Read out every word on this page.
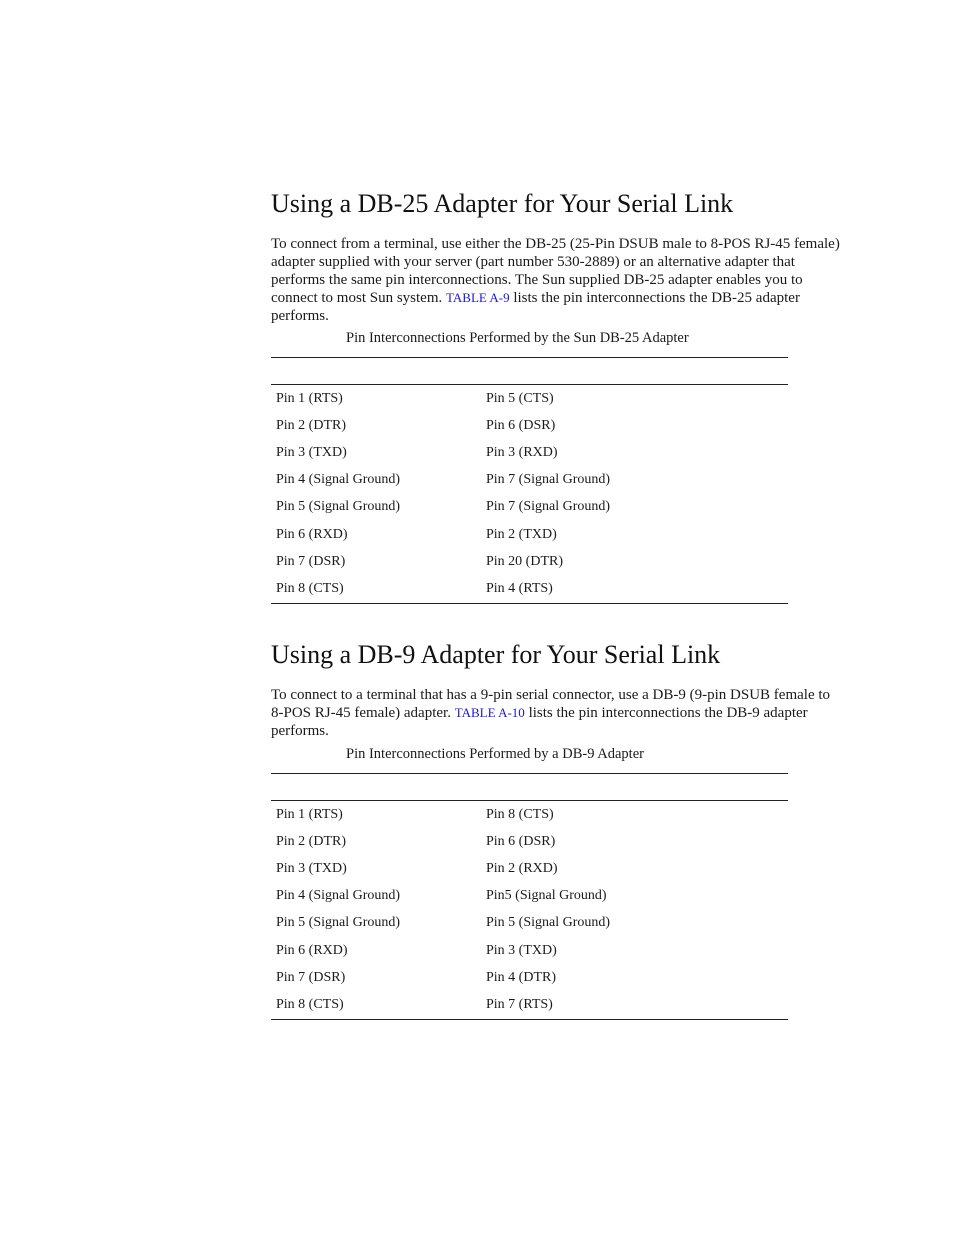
Using a DB-25 Adapter for Your Serial Link

To connect from a terminal, use either the DB-25 (25-Pin DSUB male to 8-POS RJ-45 female) adapter supplied with your server (part number 530-2889) or an alternative adapter that performs the same pin interconnections. The Sun supplied DB-25 adapter enables you to connect to most Sun system. TABLE A-9 lists the pin interconnections the DB-25 adapter performs.

Pin Interconnections Performed by the Sun DB-25 Adapter
Pin 1 (RTS)	Pin 5 (CTS)
Pin 2 (DTR)	Pin 6 (DSR)
Pin 3 (TXD)	Pin 3 (RXD)
Pin 4 (Signal Ground)	Pin 7 (Signal Ground)
Pin 5 (Signal Ground)	Pin 7 (Signal Ground)
Pin 6 (RXD)	Pin 2 (TXD)
Pin 7 (DSR)	Pin 20 (DTR)
Pin 8 (CTS)	Pin 4 (RTS)
Using a DB-9 Adapter for Your Serial Link

To connect to a terminal that has a 9-pin serial connector, use a DB-9 (9-pin DSUB female to 8-POS RJ-45 female) adapter. TABLE A-10 lists the pin interconnections the DB-9 adapter performs.

Pin Interconnections Performed by a DB-9 Adapter
Pin 1 (RTS)	Pin 8 (CTS)
Pin 2 (DTR)	Pin 6 (DSR)
Pin 3 (TXD)	Pin 2 (RXD)
Pin 4 (Signal Ground)	Pin5 (Signal Ground)
Pin 5 (Signal Ground)	Pin 5 (Signal Ground)
Pin 6 (RXD)	Pin 3 (TXD)
Pin 7 (DSR)	Pin 4 (DTR)
Pin 8 (CTS)	Pin 7 (RTS)
